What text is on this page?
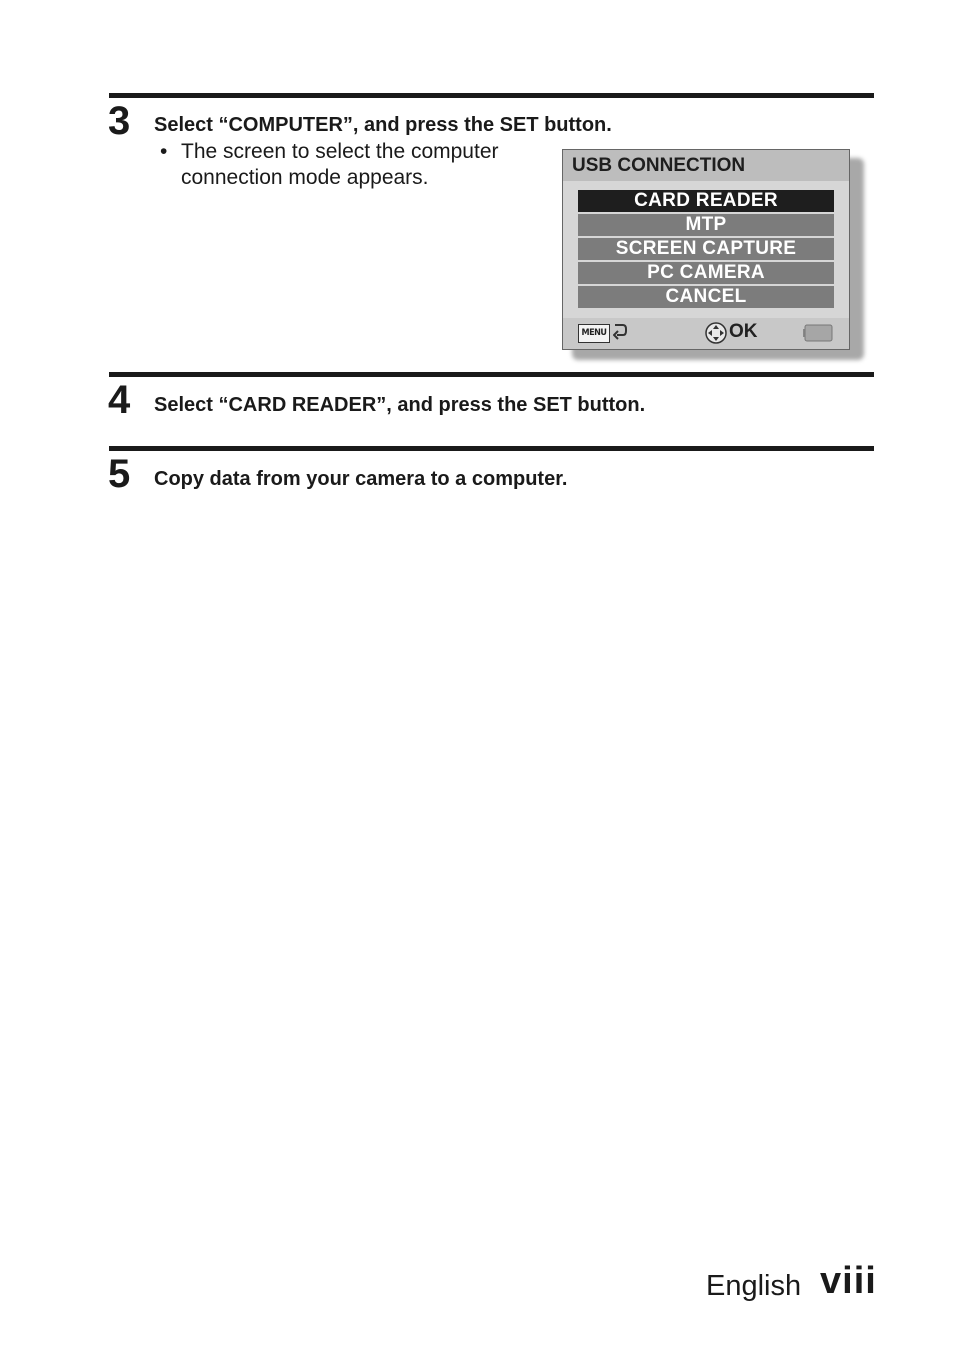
3 Select “COMPUTER”, and press the SET button.
• The screen to select the computer connection mode appears.
USB CONNECTION
CARD READER
MTP
SCREEN CAPTURE
PC CAMERA
CANCEL
MENU	OK
4 Select “CARD READER”, and press the SET button.
5 Copy data from your camera to a computer.
English viii
